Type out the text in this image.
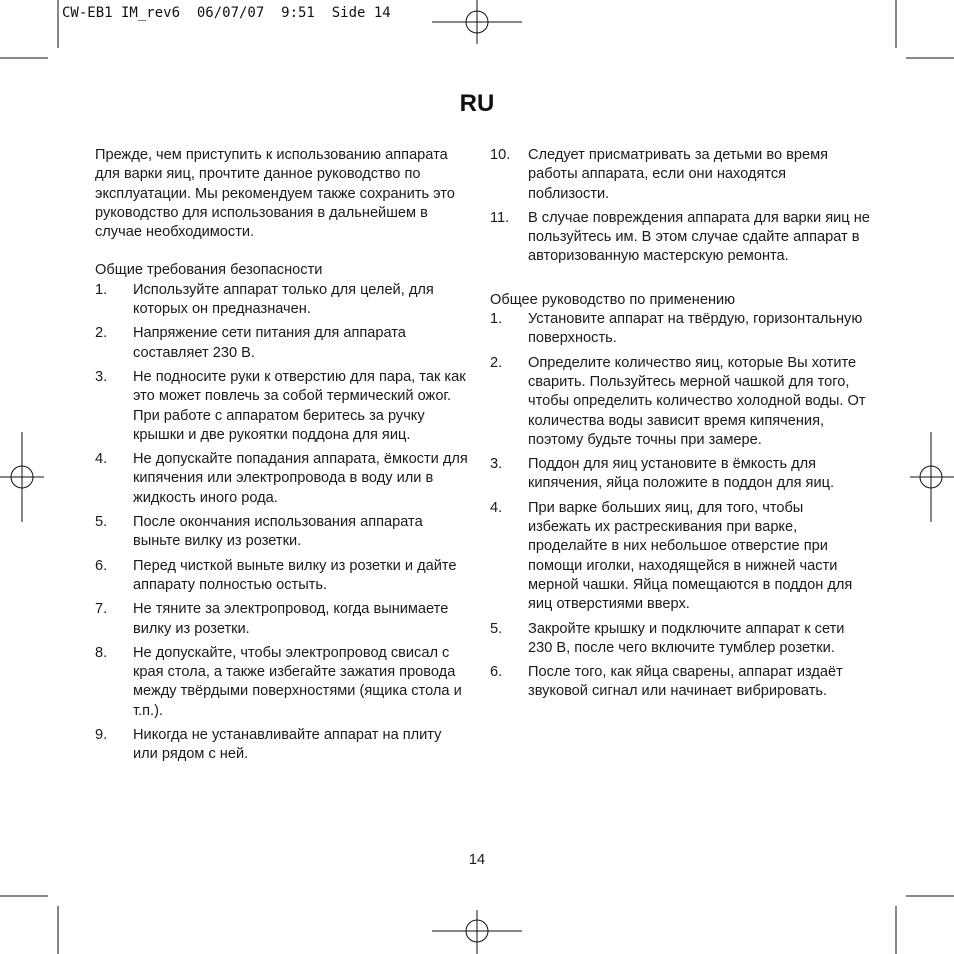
CW-EB1 IM_rev6  06/07/07  9:51  Side 14
RU

Прежде, чем приступить к использованию аппарата для варки яиц, прочтите данное руководство по эксплуатации. Мы рекомендуем также сохранить это руководство для использования в дальнейшем в случае необходимости.

Общие требования безопасности

1. Используйте аппарат только для целей, для которых он предназначен.
2. Напряжение сети питания для аппарата составляет 230 В.
3. Не подносите руки к отверстию для пара, так как это может повлечь за собой термический ожог. При работе с аппаратом беритесь за ручку крышки и две рукоятки поддона для яиц.
4. Не допускайте попадания аппарата, ёмкости для кипячения или электропровода в воду или в жидкость иного рода.
5. После окончания использования аппарата выньте вилку из розетки.
6. Перед чисткой выньте вилку из розетки и дайте аппарату полностью остыть.
7. Не тяните за электропровод, когда вынимаете вилку из розетки.
8. Не допускайте, чтобы электропровод свисал с края стола, а также избегайте зажатия провода между твёрдыми поверхностями (ящика стола и т.п.).
9. Никогда не устанавливайте аппарат на плиту или рядом с ней.
10. Следует присматривать за детьми во время работы аппарата, если они находятся поблизости.
11. В случае повреждения аппарата для варки яиц не пользуйтесь им. В этом случае сдайте аппарат в авторизованную мастерскую ремонта.

Общее руководство по применению

1. Установите аппарат на твёрдую, горизонтальную поверхность.
2. Определите количество яиц, которые Вы хотите сварить. Пользуйтесь мерной чашкой для того, чтобы определить количество холодной воды. От количества воды зависит время кипячения, поэтому будьте точны при замере.
3. Поддон для яиц установите в ёмкость для кипячения, яйца положите в поддон для яиц.
4. При варке больших яиц, для того, чтобы избежать их растрескивания при варке, проделайте в них небольшое отверстие при помощи иголки, находящейся в нижней части мерной чашки. Яйца помещаются в поддон для яиц отверстиями вверх.
5. Закройте крышку и подключите аппарат к сети 230 В, после чего включите тумблер розетки.
6. После того, как яйца сварены, аппарат издаёт звуковой сигнал или начинает вибрировать.
14
